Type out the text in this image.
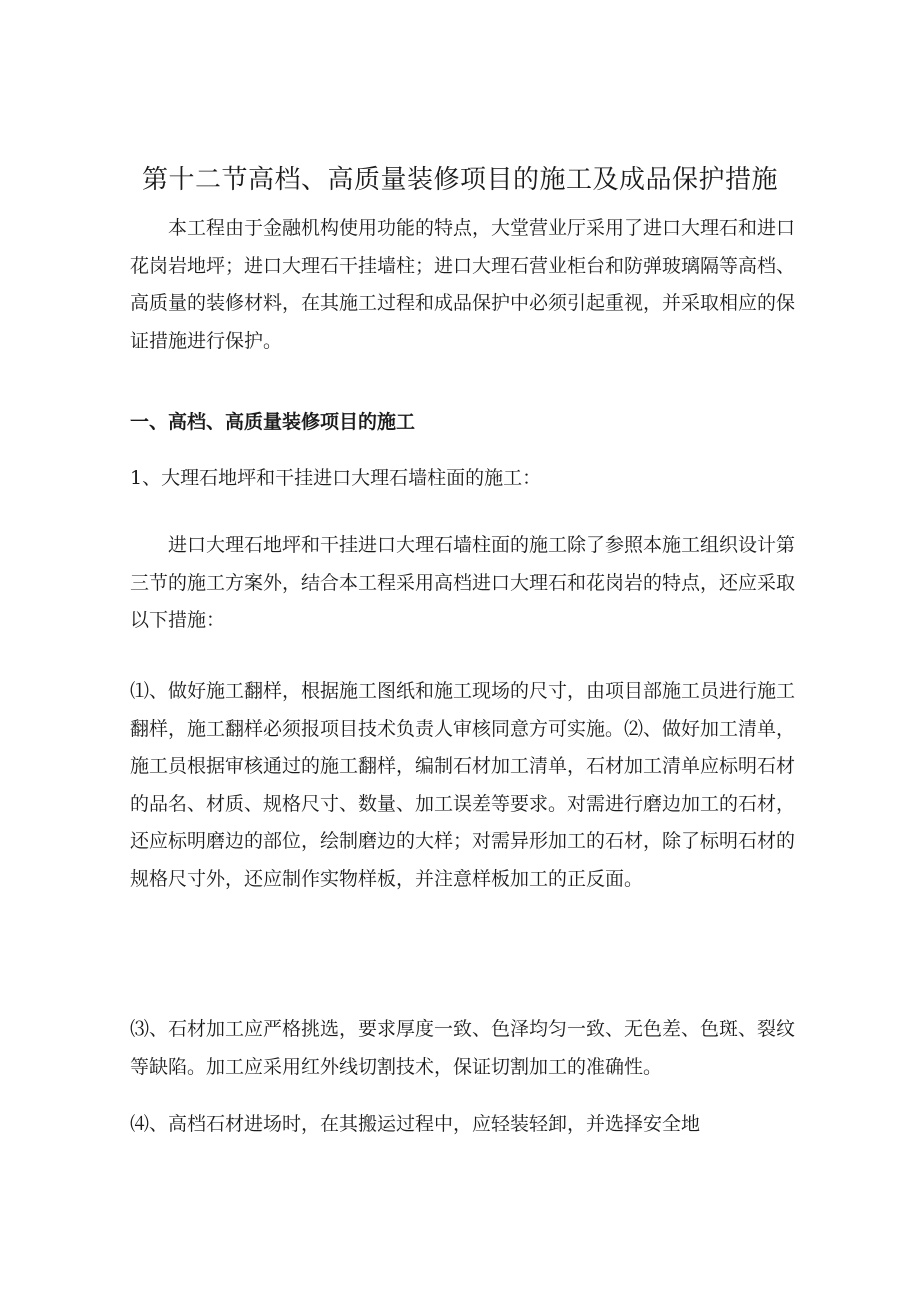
第十二节高档、高质量装修项目的施工及成品保护措施
本工程由于金融机构使用功能的特点，大堂营业厅采用了进口大理石和进口花岗岩地坪；进口大理石干挂墙柱；进口大理石营业柜台和防弹玻璃隔等高档、高质量的装修材料，在其施工过程和成品保护中必须引起重视，并采取相应的保证措施进行保护。
一、高档、高质量装修项目的施工
1、大理石地坪和干挂进口大理石墙柱面的施工：
进口大理石地坪和干挂进口大理石墙柱面的施工除了参照本施工组织设计第三节的施工方案外，结合本工程采用高档进口大理石和花岗岩的特点，还应采取以下措施：
⑴、做好施工翻样，根据施工图纸和施工现场的尺寸，由项目部施工员进行施工翻样，施工翻样必须报项目技术负责人审核同意方可实施。⑵、做好加工清单，施工员根据审核通过的施工翻样，编制石材加工清单，石材加工清单应标明石材的品名、材质、规格尺寸、数量、加工误差等要求。对需进行磨边加工的石材，还应标明磨边的部位，绘制磨边的大样；对需异形加工的石材，除了标明石材的规格尺寸外，还应制作实物样板，并注意样板加工的正反面。
⑶、石材加工应严格挑选，要求厚度一致、色泽均匀一致、无色差、色斑、裂纹等缺陷。加工应采用红外线切割技术，保证切割加工的准确性。
⑷、高档石材进场时，在其搬运过程中，应轻装轻卸，并选择安全地
